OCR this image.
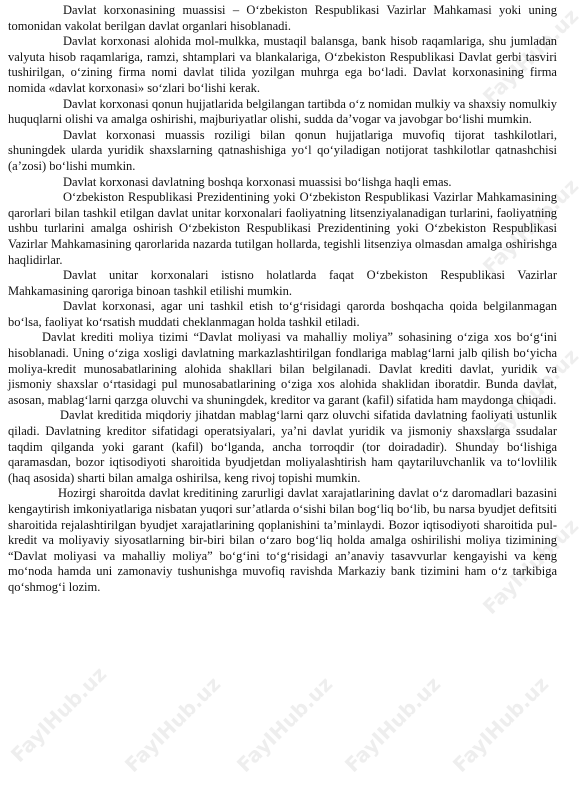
FayIHub.uz
FayIHub.uz
FayIHub.uz
FayIHub.uz
FayIHub.uz FayIHub.uz FayIHub.uz FayIHub.uz FayIHub.uz

Davlat korxonasining muassisi – O‘zbekiston Respublikasi Vazirlar Mahkamasi yoki uning tomonidan vakolat berilgan davlat organlari hisoblanadi.

Davlat korxonasi alohida mol-mulkka, mustaqil balansga, bank hisob raqamlariga, shu jumladan valyuta hisob raqamlariga, ramzi, shtamplari va blankalariga, O‘zbekiston Respublikasi Davlat gerbi tasviri tushirilgan, o‘zining firma nomi davlat tilida yozilgan muhrga ega bo‘ladi. Davlat korxonasining firma nomida «davlat korxonasi» so‘zlari bo‘lishi kerak.

Davlat korxonasi qonun hujjatlarida belgilangan tartibda o‘z nomidan mulkiy va shaxsiy nomulkiy huquqlarni olishi va amalga oshirishi, majburiyatlar olishi, sudda da’vogar va javobgar bo‘lishi mumkin.

Davlat korxonasi muassis roziligi bilan qonun hujjatlariga muvofiq tijorat tashkilotlari, shuningdek ularda yuridik shaxslarning qatnashishiga yo‘l qo‘yiladigan notijorat tashkilotlar qatnashchisi (a’zosi) bo‘lishi mumkin.

Davlat korxonasi davlatning boshqa korxonasi muassisi bo‘lishga haqli emas.

O‘zbekiston Respublikasi Prezidentining yoki O‘zbekiston Respublikasi Vazirlar Mahkamasining qarorlari bilan tashkil etilgan davlat unitar korxonalari faoliyatning litsenziyalanadigan turlarini, faoliyatning ushbu turlarini amalga oshirish O‘zbekiston Respublikasi Prezidentining yoki O‘zbekiston Respublikasi Vazirlar Mahkamasining qarorlarida nazarda tutilgan hollarda, tegishli litsenziya olmasdan amalga oshirishga haqlidirlar.

Davlat unitar korxonalari istisno holatlarda faqat O‘zbekiston Respublikasi Vazirlar Mahkamasining qaroriga binoan tashkil etilishi mumkin.

Davlat korxonasi, agar uni tashkil etish to‘g‘risidagi qarorda boshqacha qoida belgilanmagan bo‘lsa, faoliyat ko‘rsatish muddati cheklanmagan holda tashkil etiladi.

Davlat krediti moliya tizimi “Davlat moliyasi va mahalliy moliya” sohasining o‘ziga xos bo‘g‘ini hisoblanadi. Uning o‘ziga xosligi davlatning markazlashtirilgan fondlariga mablag‘larni jalb qilish bo‘yicha moliya-kredit munosabatlarining alohida shakllari bilan belgilanadi. Davlat krediti davlat, yuridik va jismoniy shaxslar o‘rtasidagi pul munosabatlarining o‘ziga xos alohida shaklidan iboratdir. Bunda davlat, asosan, mablag‘larni qarzga oluvchi va shuningdek, kreditor va garant (kafil) sifatida ham maydonga chiqadi.

Davlat kreditida miqdoriy jihatdan mablag‘larni qarz oluvchi sifatida davlatning faoliyati ustunlik qiladi. Davlatning kreditor sifatidagi operatsiyalari, ya’ni davlat yuridik va jismoniy shaxslarga ssudalar taqdim qilganda yoki garant (kafil) bo‘lganda, ancha torroqdir (tor doiradadir). Shunday bo‘lishiga qaramasdan, bozor iqtisodiyoti sharoitida byudjetdan moliyalashtirish ham qaytariluvchanlik va to‘lovlilik (haq asosida) sharti bilan amalga oshirilsa, keng rivoj topishi mumkin.

Hozirgi sharoitda davlat kreditining zarurligi davlat xarajatlarining davlat o‘z daromadlari bazasini kengaytirish imkoniyatlariga nisbatan yuqori sur’atlarda o‘sishi bilan bog‘liq bo‘lib, bu narsa byudjet defitsiti sharoitida rejalashtirilgan byudjet xarajatlarining qoplanishini ta’minlaydi. Bozor iqtisodiyoti sharoitida pul-kredit va moliyaviy siyosatlarning bir-biri bilan o‘zaro bog‘liq holda amalga oshirilishi moliya tizimining “Davlat moliyasi va mahalliy moliya” bo‘g‘ini to‘g‘risidagi an’anaviy tasavvurlar kengayishi va keng mo‘noda hamda uni zamonaviy tushunishga muvofiq ravishda Markaziy bank tizimini ham o‘z tarkibiga qo‘shmog‘i lozim.
